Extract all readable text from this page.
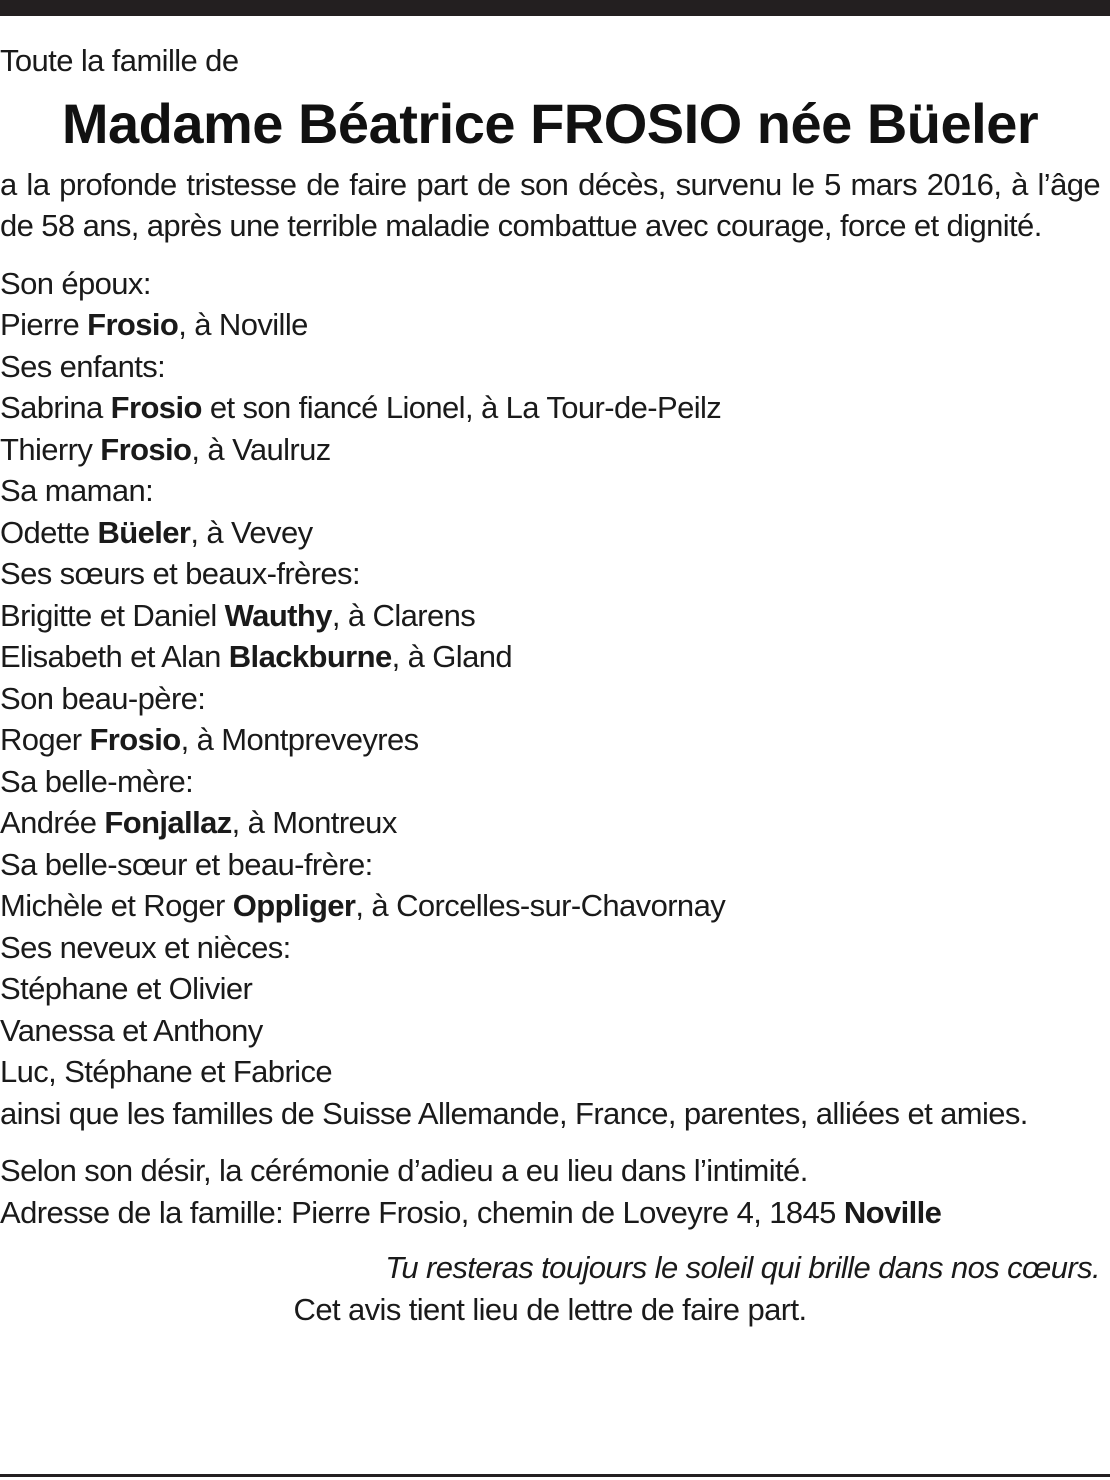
Toute la famille de

Madame Béatrice FROSIO née Büeler

a la profonde tristesse de faire part de son décès, survenu le 5 mars 2016, à l’âge de 58 ans, après une terrible maladie combattue avec courage, force et dignité.

Son époux:

Pierre Frosio, à Noville

Ses enfants:

Sabrina Frosio et son fiancé Lionel, à La Tour-de-Peilz

Thierry Frosio, à Vaulruz

Sa maman:

Odette Büeler, à Vevey

Ses sœurs et beaux-frères:

Brigitte et Daniel Wauthy, à Clarens

Elisabeth et Alan Blackburne, à Gland

Son beau-père:

Roger Frosio, à Montpreveyres

Sa belle-mère:

Andrée Fonjallaz, à Montreux

Sa belle-sœur et beau-frère:

Michèle et Roger Oppliger, à Corcelles-sur-Chavornay

Ses neveux et nièces:

Stéphane et Olivier

Vanessa et Anthony

Luc, Stéphane et Fabrice

ainsi que les familles de Suisse Allemande, France, parentes, alliées et amies.

Selon son désir, la cérémonie d’adieu a eu lieu dans l’intimité.

Adresse de la famille: Pierre Frosio, chemin de Loveyre 4, 1845 Noville

Tu resteras toujours le soleil qui brille dans nos cœurs.

Cet avis tient lieu de lettre de faire part.
